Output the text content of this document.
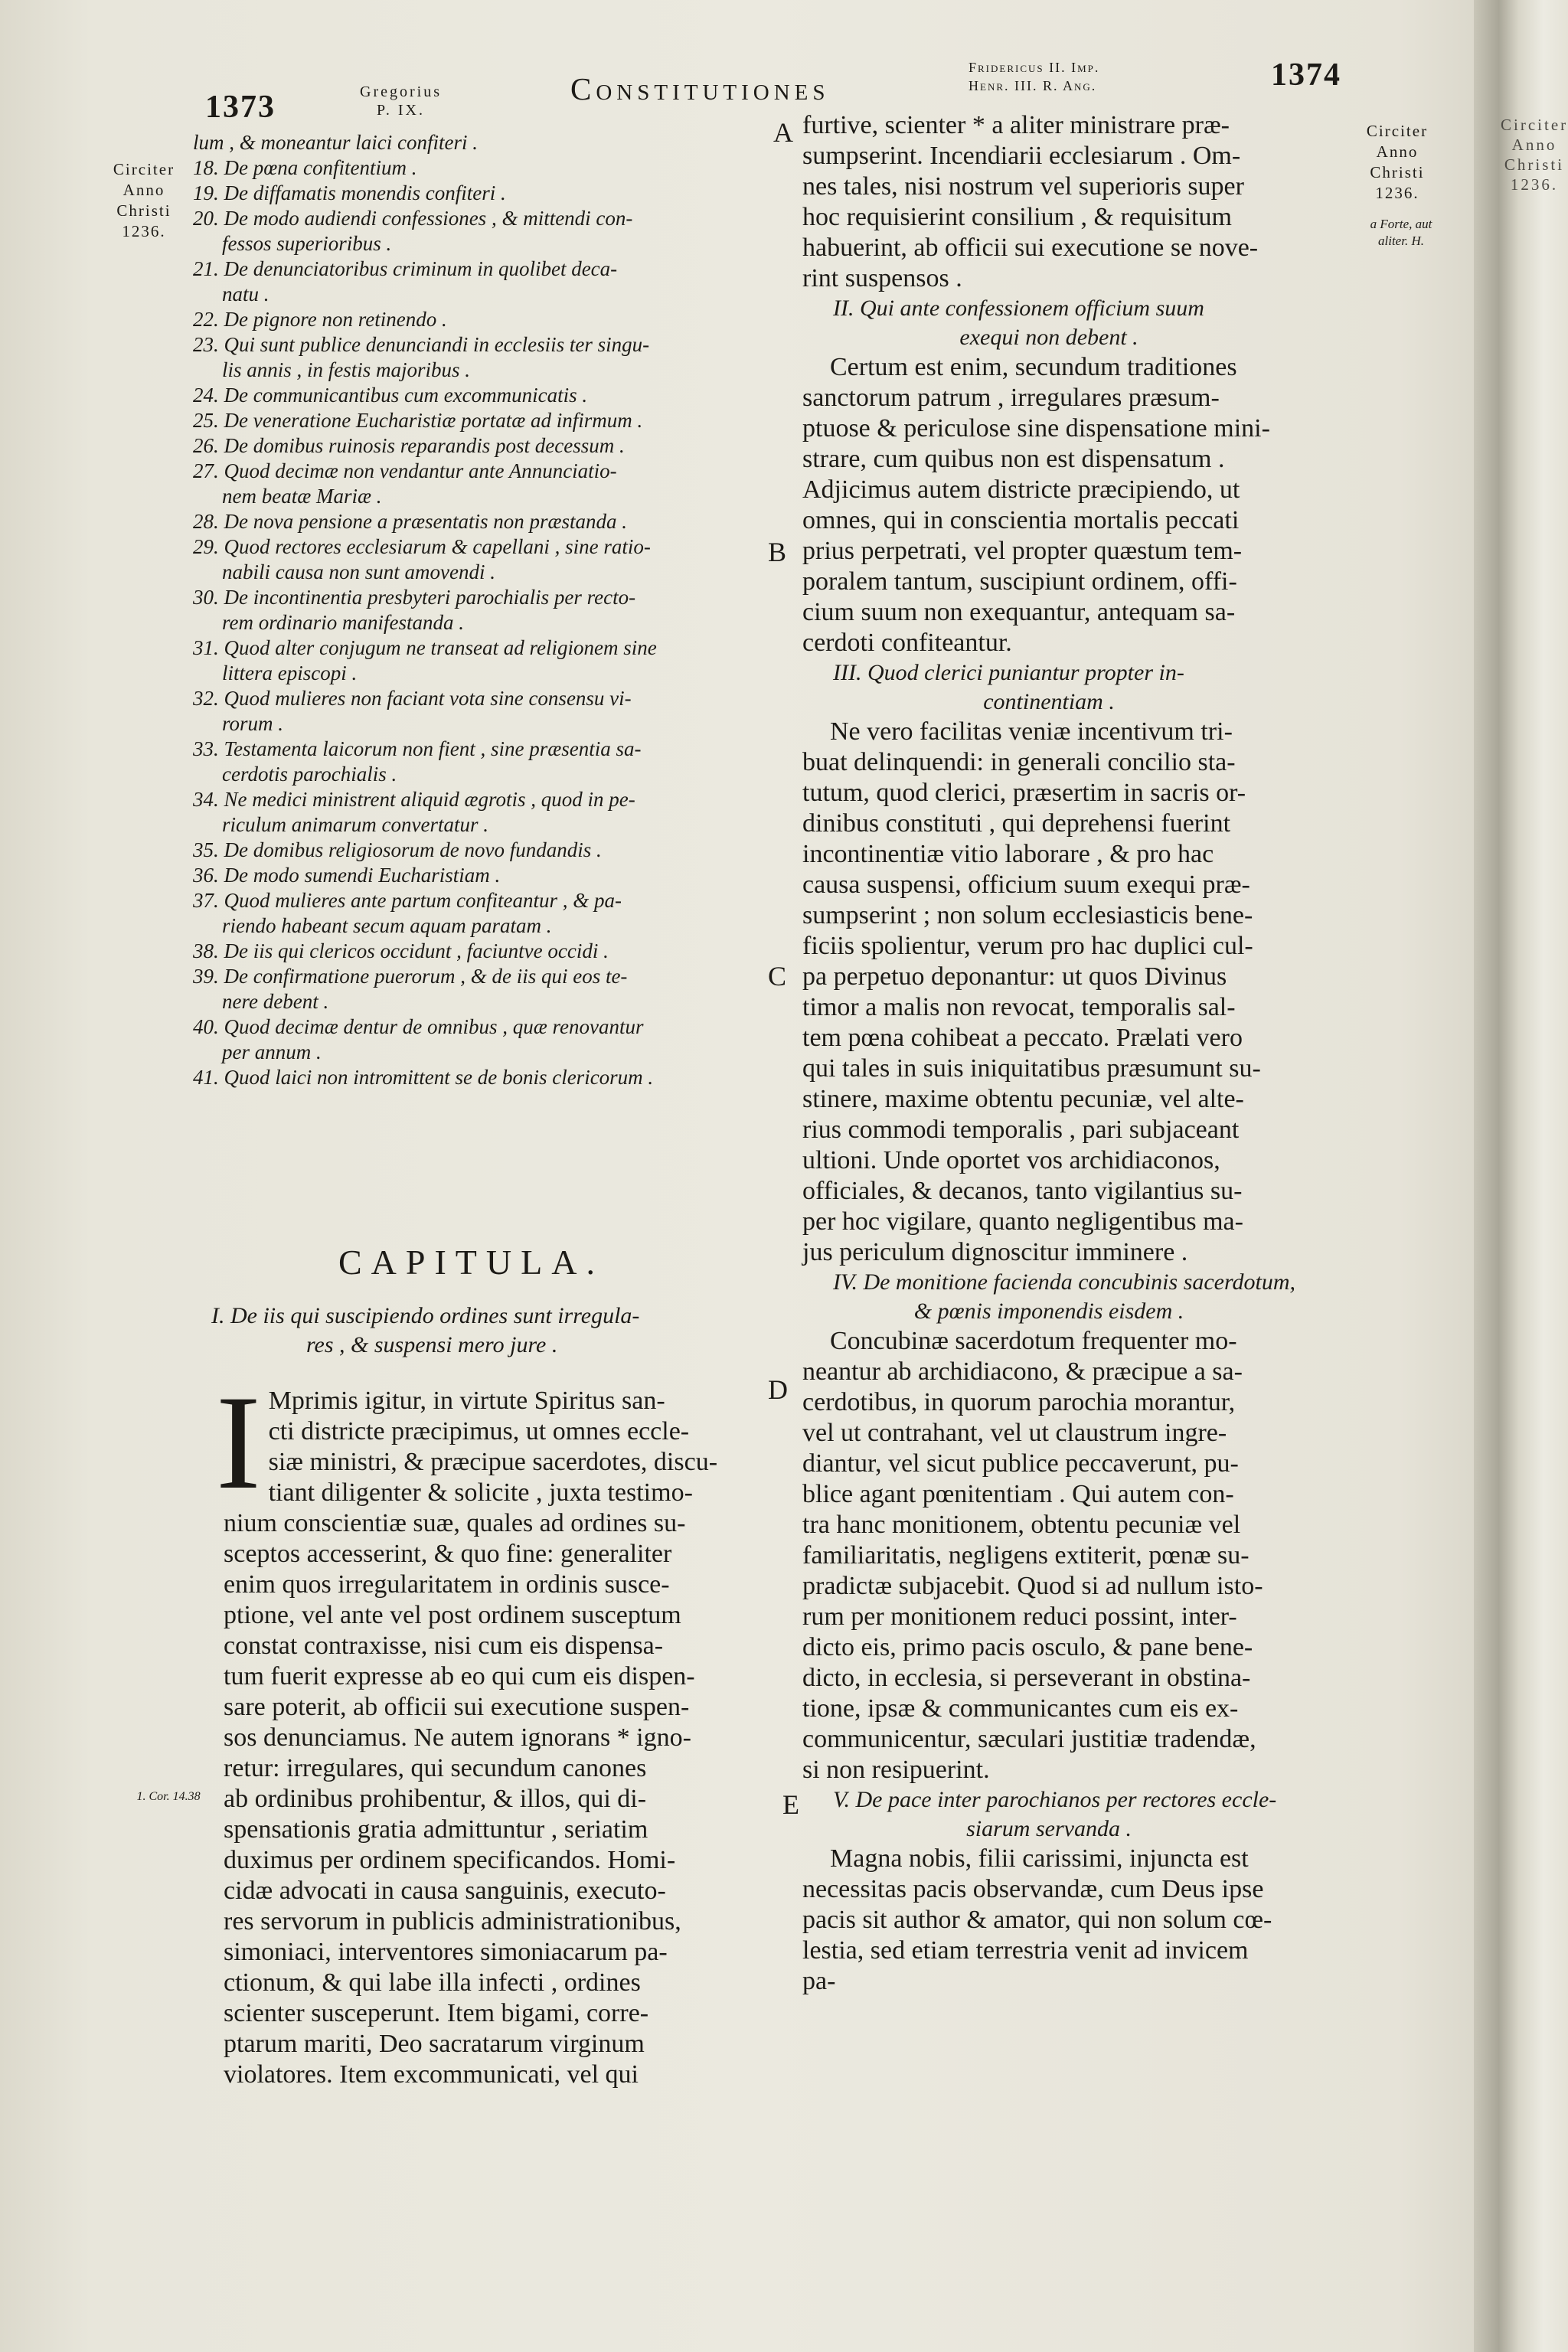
Circiter
Anno
Christi
1236.
1373	Gregorius
P. IX.
Constitutiones
Fridericus II. Imp.
Henr. III. R. Ang.	1374
Circiter
Anno
Christi
1236.
Circiter
Anno
Christi
1236.
a Forte, aut
aliter. H.
1. Cor. 14.38
A
B
C
D
E
lum , & moneantur laici confiteri .
18. De pœna confitentium .
19. De diffamatis monendis confiteri .
20. De modo audiendi confessiones , & mittendi con-
fessos superioribus .
21. De denunciatoribus criminum in quolibet deca-
natu .
22. De pignore non retinendo .
23. Qui sunt publice denunciandi in ecclesiis ter singu-
lis annis , in festis majoribus .
24. De communicantibus cum excommunicatis .
25. De veneratione Eucharistiæ portatæ ad infirmum .
26. De domibus ruinosis reparandis post decessum .
27. Quod decimæ non vendantur ante Annunciatio-
nem beatæ Mariæ .
28. De nova pensione a præsentatis non præstanda .
29. Quod rectores ecclesiarum & capellani , sine ratio-
nabili causa non sunt amovendi .
30. De incontinentia presbyteri parochialis per recto-
rem ordinario manifestanda .
31. Quod alter conjugum ne transeat ad religionem sine
littera episcopi .
32. Quod mulieres non faciant vota sine consensu vi-
rorum .
33. Testamenta laicorum non fient , sine præsentia sa-
cerdotis parochialis .
34. Ne medici ministrent aliquid ægrotis , quod in pe-
riculum animarum convertatur .
35. De domibus religiosorum de novo fundandis .
36. De modo sumendi Eucharistiam .
37. Quod mulieres ante partum confiteantur , & pa-
riendo habeant secum aquam paratam .
38. De iis qui clericos occidunt , faciuntve occidi .
39. De confirmatione puerorum , & de iis qui eos te-
nere debent .
40. Quod decimæ dentur de omnibus , quæ renovantur
per annum .
41. Quod laici non intromittent se de bonis clericorum .
CAPITULA.
I. De iis qui suscipiendo ordines sunt irregula-
res , & suspensi mero jure .
I Mprimis igitur, in virtute Spiritus san-
cti districte præcipimus, ut omnes eccle-
siæ ministri, & præcipue sacerdotes, discu-
tiant diligenter & solicite , juxta testimo-
nium conscientiæ suæ, quales ad ordines su-
sceptos accesserint, & quo fine: generaliter
enim quos irregularitatem in ordinis susce-
ptione, vel ante vel post ordinem susceptum
constat contraxisse, nisi cum eis dispensa-
tum fuerit expresse ab eo qui cum eis dispen-
sare poterit, ab officii sui executione suspen-
sos denunciamus. Ne autem ignorans * igno-
retur: irregulares, qui secundum canones
ab ordinibus prohibentur, & illos, qui di-
spensationis gratia admittuntur , seriatim
duximus per ordinem specificandos. Homi-
cidæ advocati in causa sanguinis, executo-
res servorum in publicis administrationibus,
simoniaci, interventores simoniacarum pa-
ctionum, & qui labe illa infecti , ordines
scienter susceperunt. Item bigami, corre-
ptarum mariti, Deo sacratarum virginum
violatores. Item excommunicati, vel qui
furtive, scienter * a aliter ministrare præ-
sumpserint. Incendiarii ecclesiarum . Om-
nes tales, nisi nostrum vel superioris super
hoc requisierint consilium , & requisitum
habuerint, ab officii sui executione se nove-
rint suspensos .
II. Qui ante confessionem officium suum
exequi non debent .
Certum est enim, secundum traditiones
sanctorum patrum , irregulares præsum-
ptuose & periculose sine dispensatione mini-
strare, cum quibus non est dispensatum .
Adjicimus autem districte præcipiendo, ut
omnes, qui in conscientia mortalis peccati
prius perpetrati, vel propter quæstum tem-
poralem tantum, suscipiunt ordinem, offi-
cium suum non exequantur, antequam sa-
cerdoti confiteantur.
III. Quod clerici puniantur propter in-
continentiam .
Ne vero facilitas veniæ incentivum tri-
buat delinquendi: in generali concilio sta-
tutum, quod clerici, præsertim in sacris or-
dinibus constituti , qui deprehensi fuerint
incontinentiæ vitio laborare , & pro hac
causa suspensi, officium suum exequi præ-
sumpserint ; non solum ecclesiasticis bene-
ficiis spolientur, verum pro hac duplici cul-
pa perpetuo deponantur: ut quos Divinus
timor a malis non revocat, temporalis sal-
tem pœna cohibeat a peccato. Prælati vero
qui tales in suis iniquitatibus præsumunt su-
stinere, maxime obtentu pecuniæ, vel alte-
rius commodi temporalis , pari subjaceant
ultioni. Unde oportet vos archidiaconos,
officiales, & decanos, tanto vigilantius su-
per hoc vigilare, quanto negligentibus ma-
jus periculum dignoscitur imminere .
IV. De monitione facienda concubinis sacerdotum,
& pœnis imponendis eisdem .
Concubinæ sacerdotum frequenter mo-
neantur ab archidiacono, & præcipue a sa-
cerdotibus, in quorum parochia morantur,
vel ut contrahant, vel ut claustrum ingre-
diantur, vel sicut publice peccaverunt, pu-
blice agant pœnitentiam . Qui autem con-
tra hanc monitionem, obtentu pecuniæ vel
familiaritatis, negligens extiterit, pœnæ su-
pradictæ subjacebit. Quod si ad nullum isto-
rum per monitionem reduci possint, inter-
dicto eis, primo pacis osculo, & pane bene-
dicto, in ecclesia, si perseverant in obstina-
tione, ipsæ & communicantes cum eis ex-
communicentur, sæculari justitiæ tradendæ,
si non resipuerint.
V. De pace inter parochianos per rectores eccle-
siarum servanda .
Magna nobis, filii carissimi, injuncta est
necessitas pacis observandæ, cum Deus ipse
pacis sit author & amator, qui non solum cœ-
lestia, sed etiam terrestria venit ad invicem
pa-
